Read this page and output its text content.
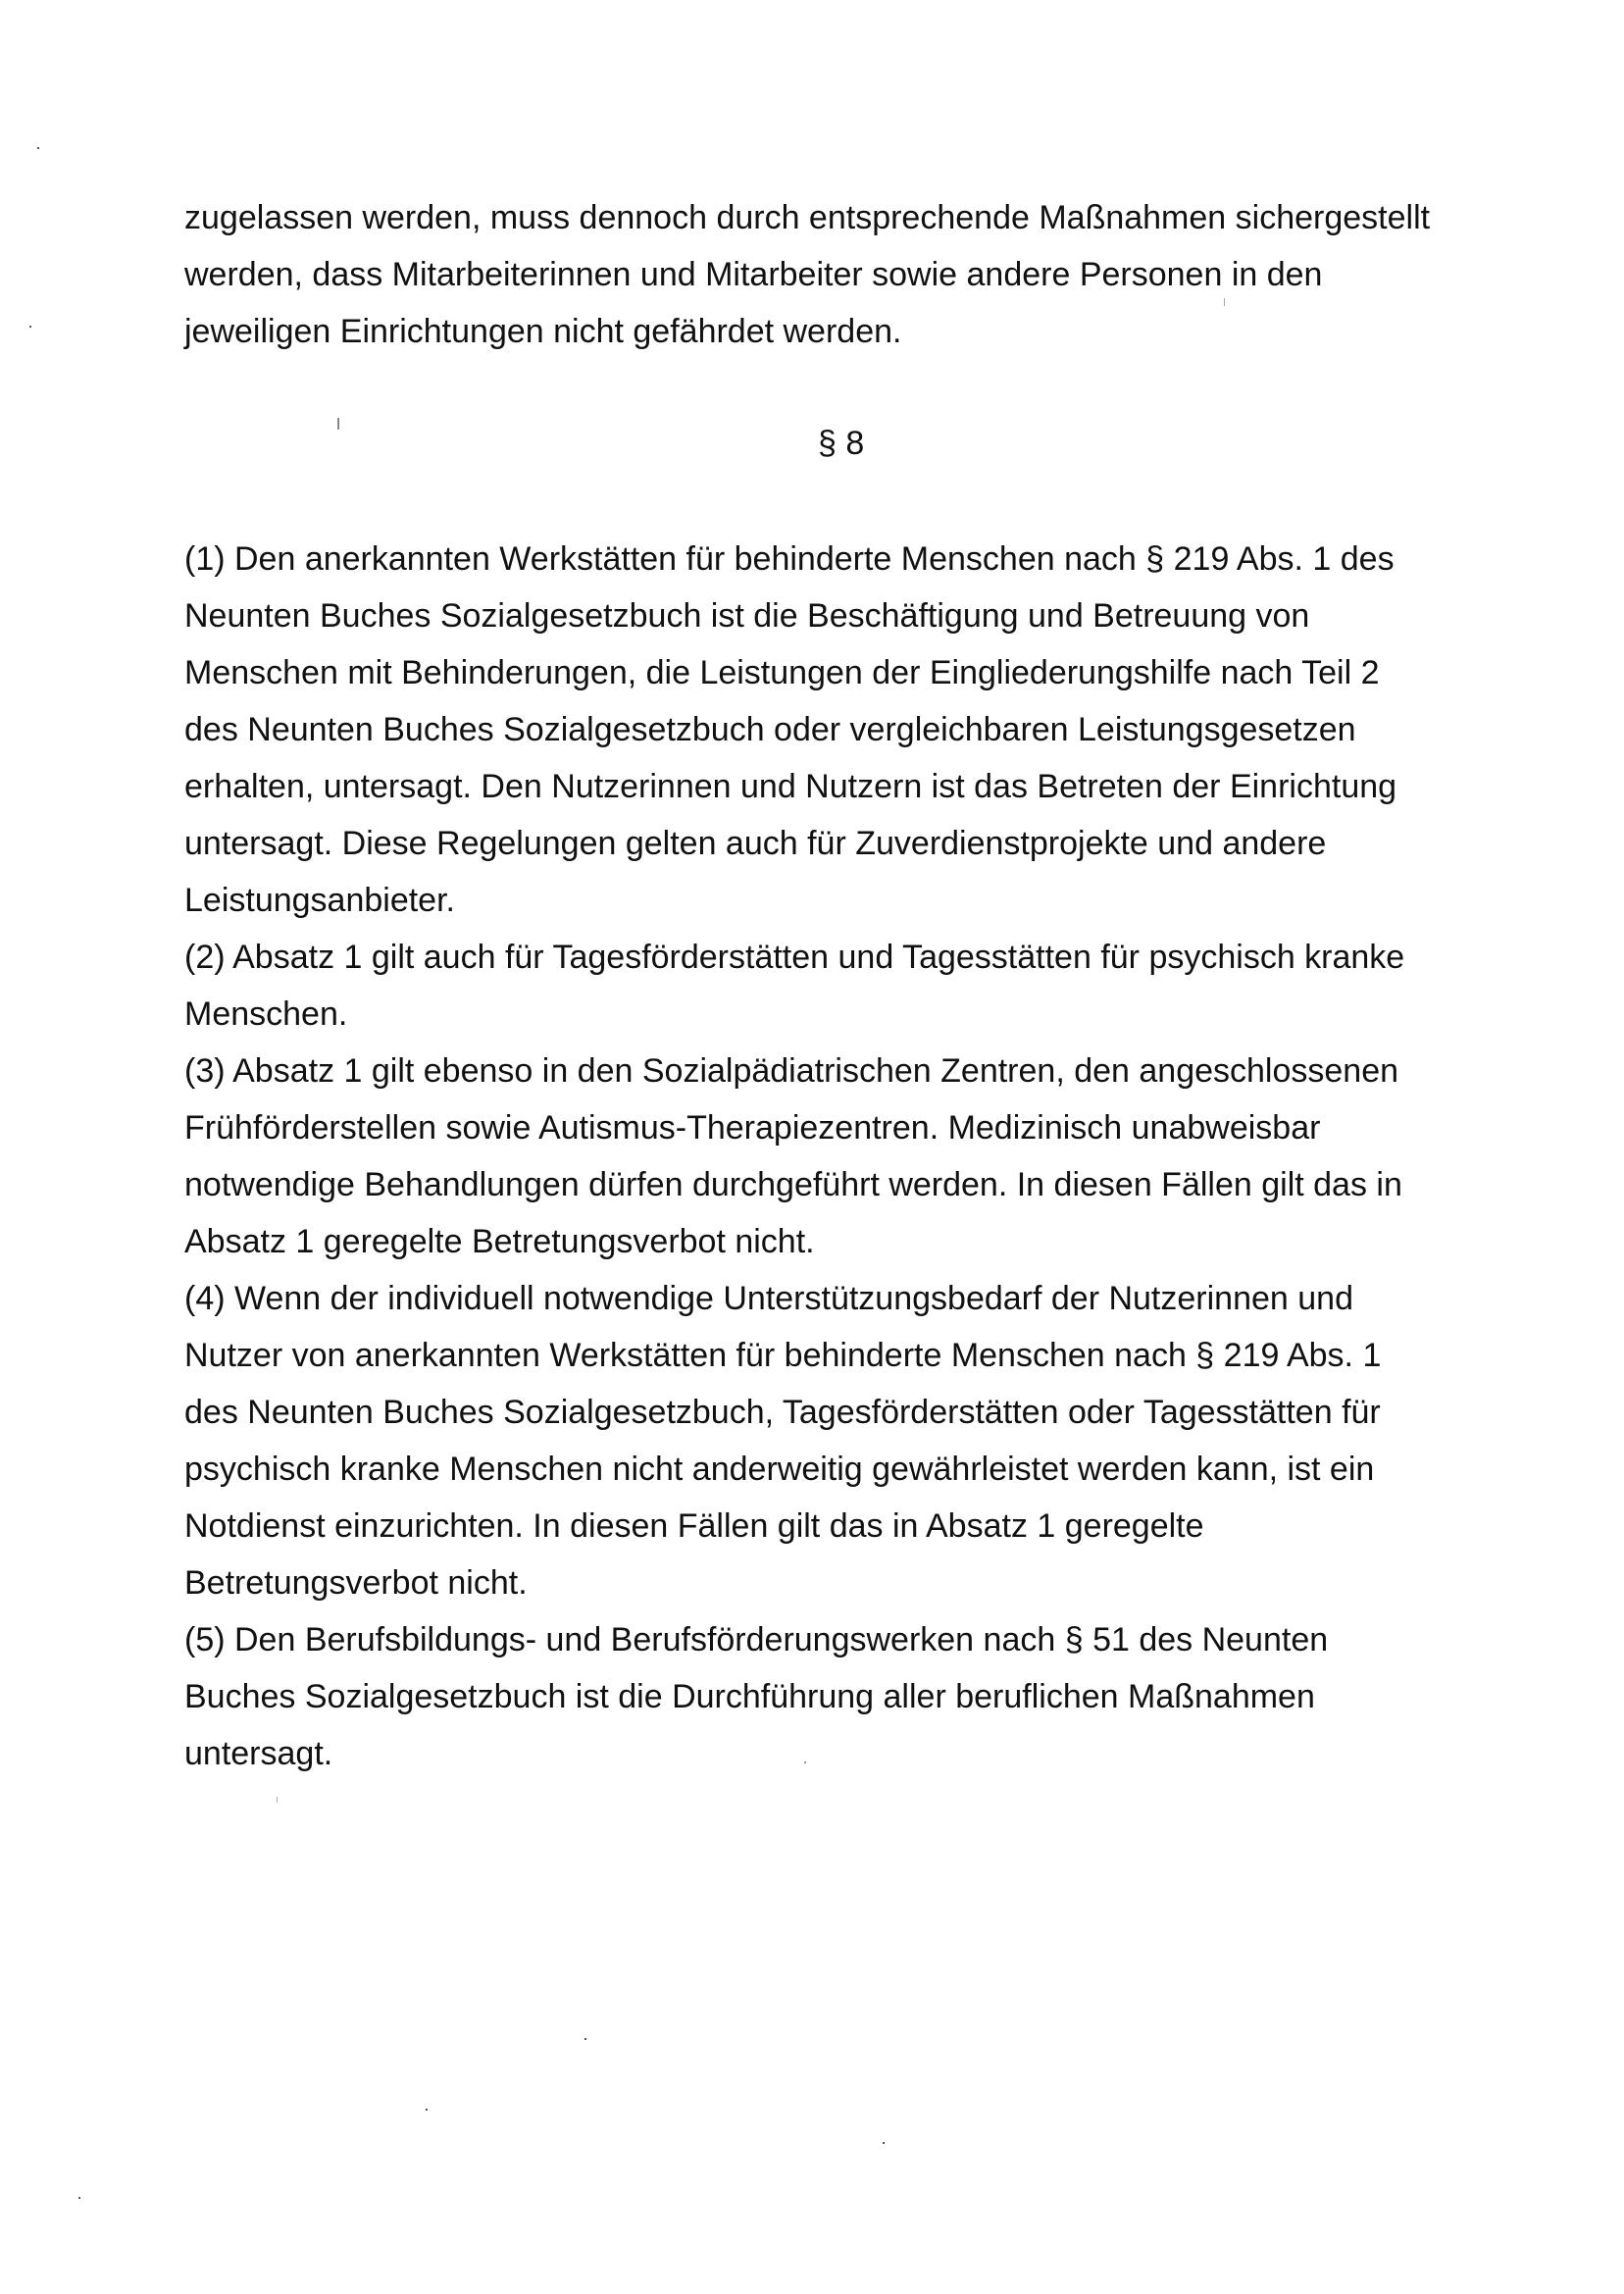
zugelassen werden, muss dennoch durch entsprechende Maßnahmen sichergestellt
werden, dass Mitarbeiterinnen und Mitarbeiter sowie andere Personen in den
jeweiligen Einrichtungen nicht gefährdet werden.
§ 8
(1) Den anerkannten Werkstätten für behinderte Menschen nach § 219 Abs. 1 des
Neunten Buches Sozialgesetzbuch ist die Beschäftigung und Betreuung von
Menschen mit Behinderungen, die Leistungen der Eingliederungshilfe nach Teil 2
des Neunten Buches Sozialgesetzbuch oder vergleichbaren Leistungsgesetzen
erhalten, untersagt. Den Nutzerinnen und Nutzern ist das Betreten der Einrichtung
untersagt. Diese Regelungen gelten auch für Zuverdienstprojekte und andere
Leistungsanbieter.
(2) Absatz 1 gilt auch für Tagesförderstätten und Tagesstätten für psychisch kranke
Menschen.
(3) Absatz 1 gilt ebenso in den Sozialpädiatrischen Zentren, den angeschlossenen
Frühförderstellen sowie Autismus-Therapiezentren. Medizinisch unabweisbar
notwendige Behandlungen dürfen durchgeführt werden. In diesen Fällen gilt das in
Absatz 1 geregelte Betretungsverbot nicht.
(4) Wenn der individuell notwendige Unterstützungsbedarf der Nutzerinnen und
Nutzer von anerkannten Werkstätten für behinderte Menschen nach § 219 Abs. 1
des Neunten Buches Sozialgesetzbuch, Tagesförderstätten oder Tagesstätten für
psychisch kranke Menschen nicht anderweitig gewährleistet werden kann, ist ein
Notdienst einzurichten. In diesen Fällen gilt das in Absatz 1 geregelte
Betretungsverbot nicht.
(5) Den Berufsbildungs- und Berufsförderungswerken nach § 51 des Neunten
Buches Sozialgesetzbuch ist die Durchführung aller beruflichen Maßnahmen
untersagt.
